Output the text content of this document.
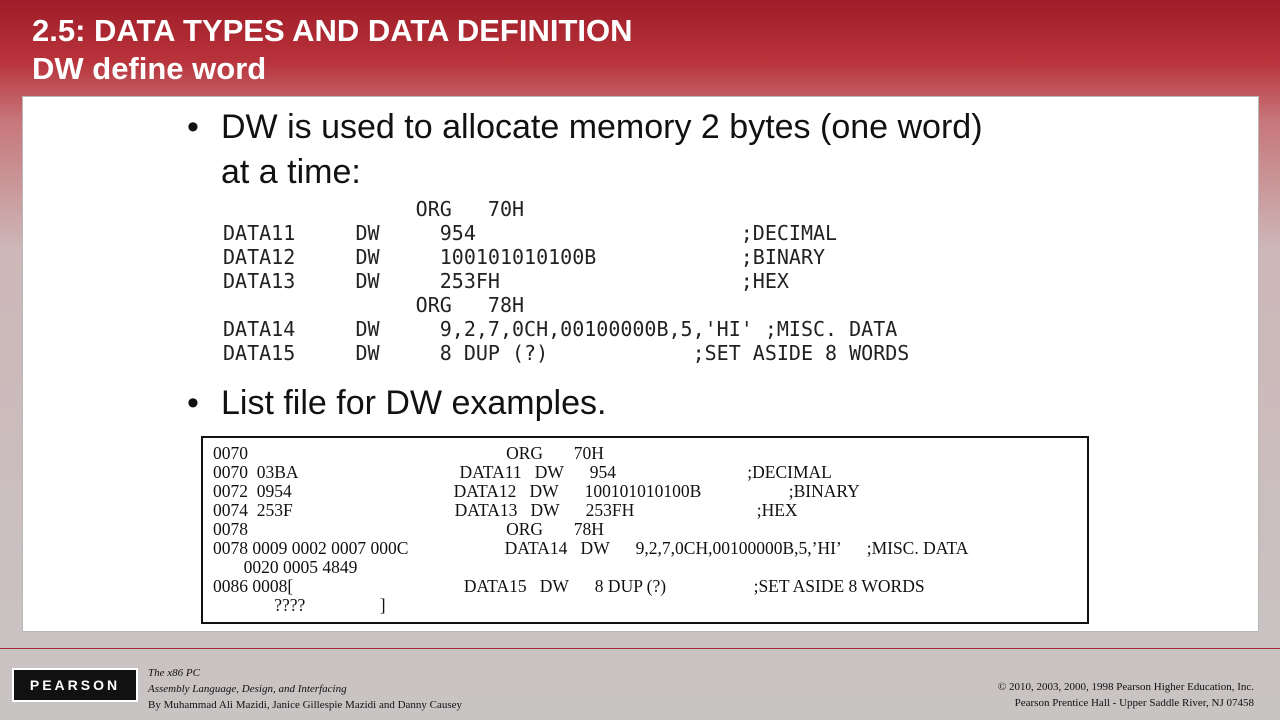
2.5: DATA TYPES AND DATA DEFINITION
DW define word
• DW is used to allocate memory 2 bytes (one word)
at a time:
ORG   70H
DATA11     DW     954                      ;DECIMAL
DATA12     DW     100101010100B            ;BINARY
DATA13     DW     253FH                    ;HEX
ORG   78H
DATA14     DW     9,2,7,0CH,00100000B,5,'HI' ;MISC. DATA
DATA15     DW     8 DUP (?)            ;SET ASIDE 8 WORDS
• List file for DW examples.
0070                                                           ORG       70H
0070  03BA                                     DATA11   DW      954                              ;DECIMAL
0072  0954                                     DATA12   DW      100101010100B                    ;BINARY
0074  253F                                     DATA13   DW      253FH                            ;HEX
0078                                                           ORG       78H
0078 0009 0002 0007 000C                      DATA14   DW      9,2,7,0CH,00100000B,5,’HI’      ;MISC. DATA
0020 0005 4849
0086 0008[                                       DATA15   DW      8 DUP (?)                    ;SET ASIDE 8 WORDS
????                 ]
PEARSON
The x86 PC
Assembly Language, Design, and Interfacing
By Muhammad Ali Mazidi, Janice Gillespie Mazidi and Danny Causey
© 2010, 2003, 2000, 1998 Pearson Higher Education, Inc.
Pearson Prentice Hall - Upper Saddle River, NJ 07458
